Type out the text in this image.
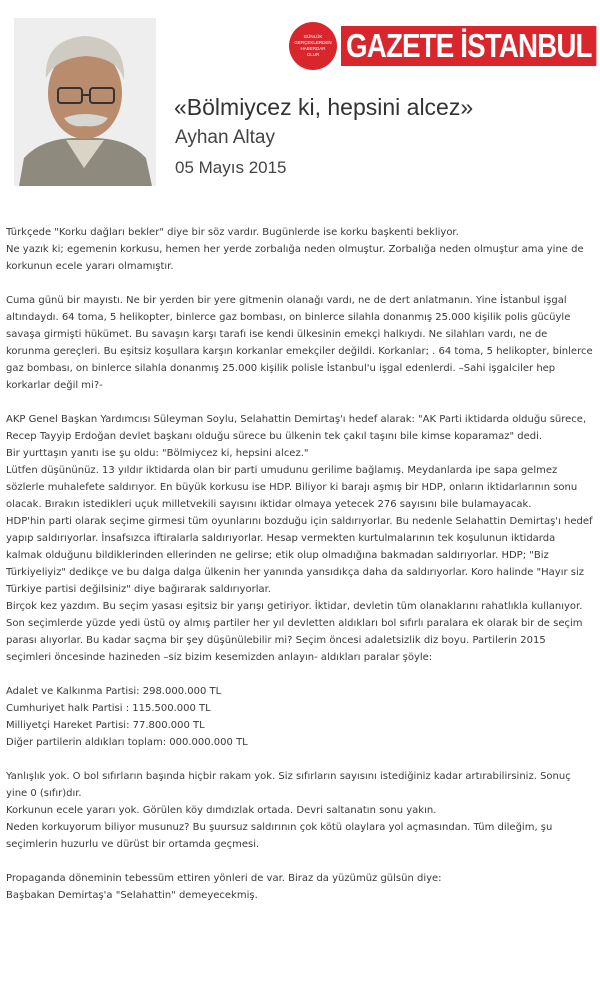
GÜNLÜK
GERÇEKLERDEN
HABERDAR
OLUR GAZETE İSTANBUL
«Bölmiycez ki, hepsini alcez»
Ayhan Altay
05 Mayıs 2015

Türkçede "Korku dağları bekler" diye bir söz vardır. Bugünlerde ise korku başkenti bekliyor.

Ne yazık ki; egemenin korkusu, hemen her yerde zorbalığa neden olmuştur. Zorbalığa neden olmuştur ama yine de korkunun ecele yararı olmamıştır.

Cuma günü bir mayıstı. Ne bir yerden bir yere gitmenin olanağı vardı, ne de dert anlatmanın. Yine İstanbul işgal altındaydı. 64 toma, 5 helikopter, binlerce gaz bombası, on binlerce silahla donanmış 25.000 kişilik polis gücüyle savaşa girmişti hükümet. Bu savaşın karşı tarafı ise kendi ülkesinin emekçi halkıydı. Ne silahları vardı, ne de korunma gereçleri. Bu eşitsiz koşullara karşın korkanlar emekçiler değildi. Korkanlar; . 64 toma, 5 helikopter, binlerce gaz bombası, on binlerce silahla donanmış 25.000 kişilik polisle İstanbul'u işgal edenlerdi. –Sahi işgalciler hep korkarlar değil mi?-

AKP Genel Başkan Yardımcısı Süleyman Soylu, Selahattin Demirtaş'ı hedef alarak: "AK Parti iktidarda olduğu sürece, Recep Tayyip Erdoğan devlet başkanı olduğu sürece bu ülkenin tek çakıl taşını bile kimse koparamaz" dedi.

Bir yurttaşın yanıtı ise şu oldu: "Bölmiycez ki, hepsini alcez."

Lütfen düşününüz. 13 yıldır iktidarda olan bir parti umudunu gerilime bağlamış. Meydanlarda ipe sapa gelmez sözlerle muhalefete saldırıyor. En büyük korkusu ise HDP. Biliyor ki barajı aşmış bir HDP, onların iktidarlarının sonu olacak. Bırakın istedikleri uçuk milletvekili sayısını iktidar olmaya yetecek 276 sayısını bile bulamayacak.

HDP'hin parti olarak seçime girmesi tüm oyunlarını bozduğu için saldırıyorlar. Bu nedenle Selahattin Demirtaş'ı hedef yapıp saldırıyorlar. İnsafsızca iftiralarla saldırıyorlar. Hesap vermekten kurtulmalarının tek koşulunun iktidarda kalmak olduğunu bildiklerinden ellerinden ne gelirse; etik olup olmadığına bakmadan saldırıyorlar. HDP; "Biz Türkiyeliyiz" dedikçe ve bu dalga dalga ülkenin her yanında yansıdıkça daha da saldırıyorlar. Koro halinde "Hayır siz Türkiye partisi değilsiniz" diye bağırarak saldırıyorlar.

Birçok kez yazdım. Bu seçim yasası eşitsiz bir yarışı getiriyor. İktidar, devletin tüm olanaklarını rahatlıkla kullanıyor. Son seçimlerde yüzde yedi üstü oy almış partiler her yıl devletten aldıkları bol sıfırlı paralara ek olarak bir de seçim parası alıyorlar. Bu kadar saçma bir şey düşünülebilir mi? Seçim öncesi adaletsizlik diz boyu. Partilerin 2015 seçimleri öncesinde hazineden –siz bizim kesemizden anlayın- aldıkları paralar şöyle:

Adalet ve Kalkınma Partisi: 298.000.000 TL

Cumhuriyet halk Partisi : 115.500.000 TL

Milliyetçi Hareket Partisi: 77.800.000 TL

Diğer partilerin aldıkları toplam: 000.000.000 TL

Yanlışlık yok. O bol sıfırların başında hiçbir rakam yok. Siz sıfırların sayısını istediğiniz kadar artırabilirsiniz. Sonuç yine 0 (sıfır)dır.

Korkunun ecele yararı yok. Görülen köy dımdızlak ortada. Devri saltanatın sonu yakın.

Neden korkuyorum biliyor musunuz? Bu şuursuz saldırının çok kötü olaylara yol açmasından. Tüm dileğim, şu seçimlerin huzurlu ve dürüst bir ortamda geçmesi.

Propaganda döneminin tebessüm ettiren yönleri de var. Biraz da yüzümüz gülsün diye:

Başbakan Demirtaş'a "Selahattin" demeyecekmiş.
